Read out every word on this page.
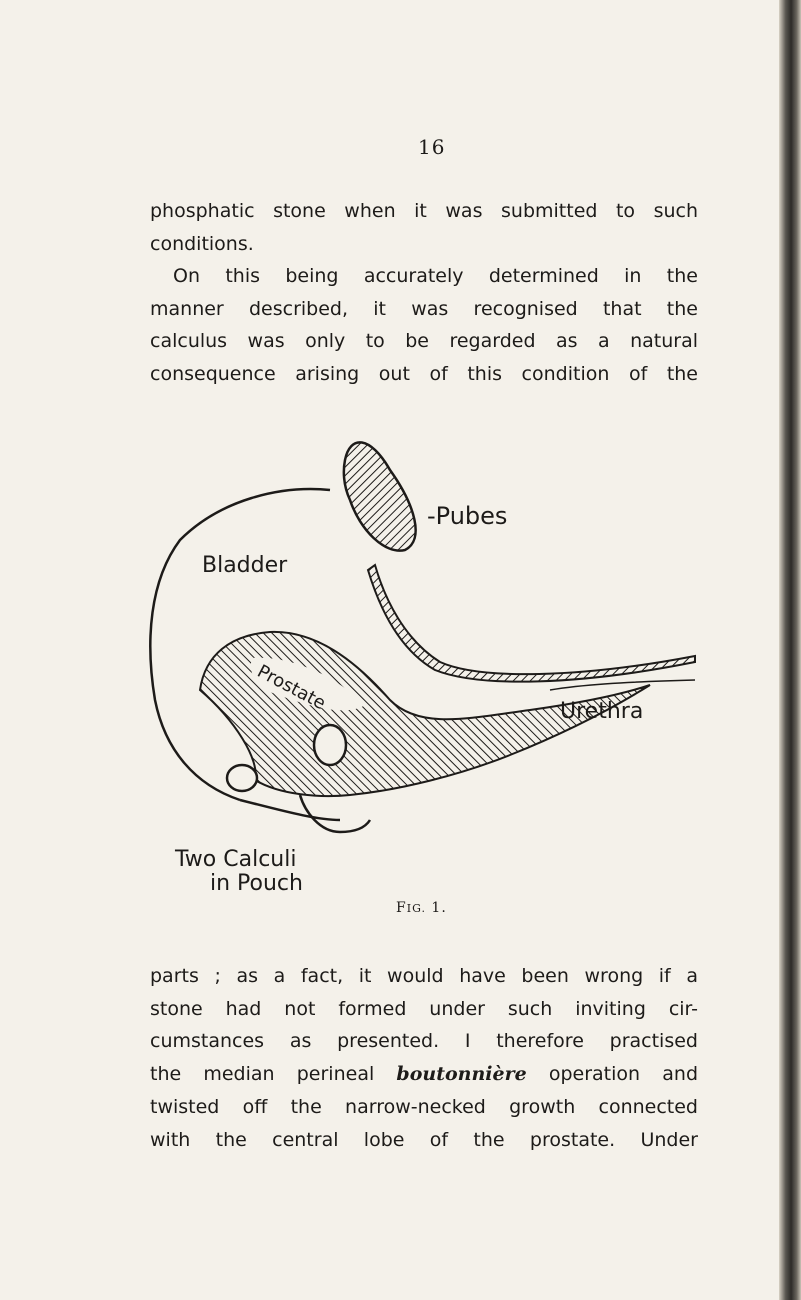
16

phosphatic stone when it was submitted to such
conditions.

On this being accurately determined in the
manner described, it was recognised that the
calculus was only to be regarded as a natural
consequence arising out of this condition of the

-Pubes
Bladder
Prostate	Urethra
Two Calculi
in Pouch
FIG. 1.

parts ; as a fact, it would have been wrong if a
stone had not formed under such inviting cir-
cumstances as presented. I therefore practised
the median perineal boutonnière operation and
twisted off the narrow-necked growth connected
with the central lobe of the prostate. Under
